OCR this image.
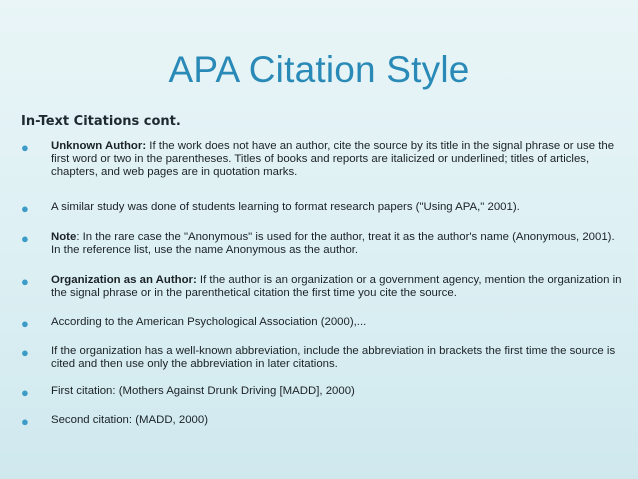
APA Citation Style
In-Text Citations cont.
● Unknown Author: If the work does not have an author, cite the source by its title in the signal phrase or use the first word or two in the parentheses. Titles of books and reports are italicized or underlined; titles of articles, chapters, and web pages are in quotation marks.
● A similar study was done of students learning to format research papers ("Using APA," 2001).
● Note: In the rare case the "Anonymous" is used for the author, treat it as the author's name (Anonymous, 2001). In the reference list, use the name Anonymous as the author.
● Organization as an Author: If the author is an organization or a government agency, mention the organization in the signal phrase or in the parenthetical citation the first time you cite the source.
● According to the American Psychological Association (2000),...
● If the organization has a well-known abbreviation, include the abbreviation in brackets the first time the source is cited and then use only the abbreviation in later citations.
● First citation: (Mothers Against Drunk Driving [MADD], 2000)
● Second citation: (MADD, 2000)
